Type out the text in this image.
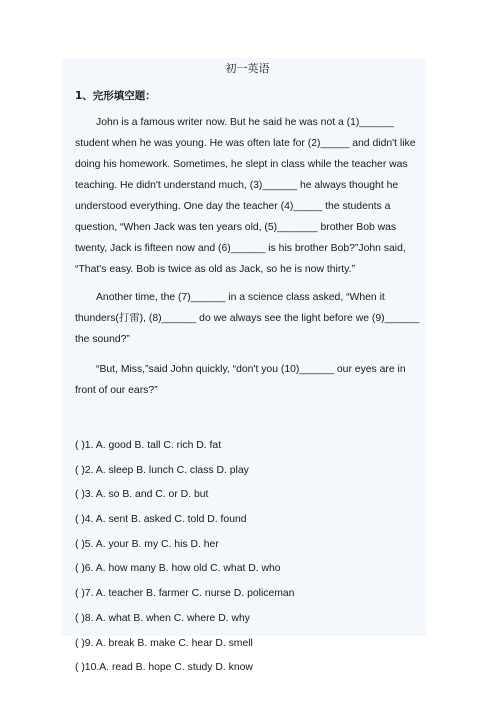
初一英语
1、完形填空题：

John is a famous writer now. But he said he was not a (1)______ student when he was young. He was often late for (2)_____ and didn't like doing his homework. Sometimes, he slept in class while the teacher was teaching. He didn't understand much, (3)______ he always thought he understood everything. One day the teacher (4)_____ the students a question, “When Jack was ten years old, (5)_______ brother Bob was twenty, Jack is fifteen now and (6)______ is his brother Bob?”John said, “That's easy. Bob is twice as old as Jack, so he is now thirty.”

Another time, the (7)______ in a science class asked, “When it thunders(打雷), (8)______ do we always see the light before we (9)______ the sound?”

“But, Miss,”said John quickly, “don't you (10)______ our eyes are in front of our ears?”

( )1. A. good B. tall C. rich D. fat
( )2. A. sleep B. lunch C. class D. play
( )3. A. so B. and C. or D. but
( )4. A. sent B. asked C. told D. found
( )5. A. your B. my C. his D. her
( )6. A. how many B. how old C. what D. who
( )7. A. teacher B. farmer C. nurse D. policeman
( )8. A. what B. when C. where D. why
( )9. A. break B. make C. hear D. smell
( )10.A. read B. hope C. study D. know
